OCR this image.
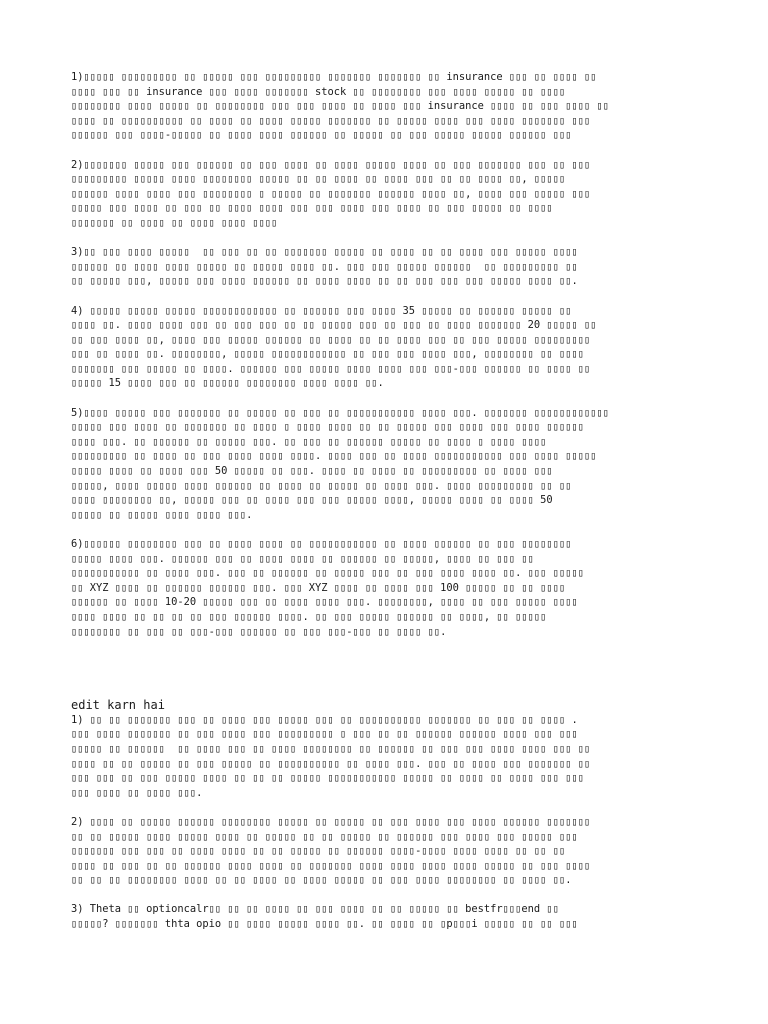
1)▯▯▯▯▯ ▯▯▯▯▯▯▯▯▯ ▯▯ ▯▯▯▯▯ ▯▯▯ ▯▯▯▯▯▯▯▯▯ ▯▯▯▯▯▯▯ ▯▯▯▯▯▯▯ ▯▯ insurance ▯▯▯ ▯▯ ▯▯▯▯ ▯▯
▯▯▯▯ ▯▯▯ ▯▯ insurance ▯▯▯ ▯▯▯▯ ▯▯▯▯▯▯▯ stock ▯▯ ▯▯▯▯▯▯▯▯ ▯▯▯ ▯▯▯▯ ▯▯▯▯▯ ▯▯ ▯▯▯▯
▯▯▯▯▯▯▯▯ ▯▯▯▯ ▯▯▯▯▯ ▯▯ ▯▯▯▯▯▯▯▯ ▯▯▯ ▯▯▯ ▯▯▯▯ ▯▯ ▯▯▯▯ ▯▯▯ insurance ▯▯▯▯ ▯▯ ▯▯▯ ▯▯▯▯ ▯▯
▯▯▯▯ ▯▯ ▯▯▯▯▯▯▯▯▯▯ ▯▯ ▯▯▯▯ ▯▯ ▯▯▯▯ ▯▯▯▯▯ ▯▯▯▯▯▯▯ ▯▯ ▯▯▯▯▯ ▯▯▯▯ ▯▯▯ ▯▯▯▯ ▯▯▯▯▯▯▯ ▯▯▯
▯▯▯▯▯▯ ▯▯▯ ▯▯▯▯-▯▯▯▯▯ ▯▯ ▯▯▯▯ ▯▯▯▯ ▯▯▯▯▯▯ ▯▯ ▯▯▯▯▯ ▯▯ ▯▯▯ ▯▯▯▯▯ ▯▯▯▯▯ ▯▯▯▯▯▯ ▯▯▯

2)▯▯▯▯▯▯▯ ▯▯▯▯▯ ▯▯▯ ▯▯▯▯▯▯ ▯▯ ▯▯▯ ▯▯▯▯ ▯▯ ▯▯▯▯ ▯▯▯▯▯ ▯▯▯▯ ▯▯ ▯▯▯ ▯▯▯▯▯▯▯ ▯▯▯ ▯▯ ▯▯▯
▯▯▯▯▯▯▯▯▯ ▯▯▯▯▯ ▯▯▯▯ ▯▯▯▯▯▯▯▯ ▯▯▯▯▯ ▯▯ ▯▯ ▯▯▯▯ ▯▯ ▯▯▯▯ ▯▯▯ ▯▯ ▯▯ ▯▯▯▯ ▯▯, ▯▯▯▯▯
▯▯▯▯▯▯ ▯▯▯▯ ▯▯▯▯ ▯▯▯ ▯▯▯▯▯▯▯▯ ▯ ▯▯▯▯▯ ▯▯ ▯▯▯▯▯▯▯ ▯▯▯▯▯▯ ▯▯▯▯ ▯▯, ▯▯▯▯ ▯▯▯ ▯▯▯▯▯ ▯▯▯
▯▯▯▯▯ ▯▯▯ ▯▯▯▯ ▯▯ ▯▯▯ ▯▯ ▯▯▯▯ ▯▯▯▯ ▯▯▯ ▯▯▯ ▯▯▯▯ ▯▯▯ ▯▯▯▯ ▯▯ ▯▯▯ ▯▯▯▯▯ ▯▯ ▯▯▯▯
▯▯▯▯▯▯▯ ▯▯ ▯▯▯▯ ▯▯ ▯▯▯▯ ▯▯▯▯ ▯▯▯▯

3)▯▯ ▯▯▯ ▯▯▯▯ ▯▯▯▯▯  ▯▯ ▯▯▯ ▯▯ ▯▯ ▯▯▯▯▯▯▯ ▯▯▯▯▯ ▯▯ ▯▯▯▯ ▯▯ ▯▯ ▯▯▯▯ ▯▯▯ ▯▯▯▯▯ ▯▯▯▯
▯▯▯▯▯▯ ▯▯ ▯▯▯▯ ▯▯▯▯ ▯▯▯▯▯ ▯▯ ▯▯▯▯▯ ▯▯▯▯ ▯▯. ▯▯▯ ▯▯▯ ▯▯▯▯▯ ▯▯▯▯▯▯  ▯▯ ▯▯▯▯▯▯▯▯▯ ▯▯
▯▯ ▯▯▯▯▯ ▯▯▯, ▯▯▯▯▯ ▯▯▯ ▯▯▯▯ ▯▯▯▯▯▯ ▯▯ ▯▯▯▯ ▯▯▯▯ ▯▯ ▯▯ ▯▯▯ ▯▯▯ ▯▯▯ ▯▯▯▯▯ ▯▯▯▯ ▯▯.

4) ▯▯▯▯▯ ▯▯▯▯▯ ▯▯▯▯▯ ▯▯▯▯▯▯▯▯▯▯▯▯ ▯▯ ▯▯▯▯▯▯ ▯▯▯ ▯▯▯▯ 35 ▯▯▯▯▯ ▯▯ ▯▯▯▯▯▯ ▯▯▯▯▯ ▯▯
▯▯▯▯ ▯▯. ▯▯▯▯ ▯▯▯▯ ▯▯▯ ▯▯ ▯▯▯ ▯▯▯ ▯▯ ▯▯ ▯▯▯▯▯ ▯▯▯ ▯▯ ▯▯▯ ▯▯ ▯▯▯▯ ▯▯▯▯▯▯▯ 20 ▯▯▯▯▯ ▯▯
▯▯ ▯▯▯ ▯▯▯▯ ▯▯, ▯▯▯▯ ▯▯▯ ▯▯▯▯▯ ▯▯▯▯▯▯ ▯▯ ▯▯▯▯ ▯▯ ▯▯ ▯▯▯▯ ▯▯▯ ▯▯ ▯▯▯ ▯▯▯▯▯ ▯▯▯▯▯▯▯▯▯
▯▯▯ ▯▯ ▯▯▯▯ ▯▯. ▯▯▯▯▯▯▯▯, ▯▯▯▯▯ ▯▯▯▯▯▯▯▯▯▯▯▯ ▯▯ ▯▯▯ ▯▯▯ ▯▯▯▯ ▯▯▯, ▯▯▯▯▯▯▯▯ ▯▯ ▯▯▯▯
▯▯▯▯▯▯▯ ▯▯▯ ▯▯▯▯▯ ▯▯ ▯▯▯▯. ▯▯▯▯▯▯ ▯▯▯ ▯▯▯▯▯ ▯▯▯▯ ▯▯▯▯ ▯▯▯ ▯▯▯-▯▯▯ ▯▯▯▯▯▯ ▯▯ ▯▯▯▯ ▯▯
▯▯▯▯▯ 15 ▯▯▯▯ ▯▯▯ ▯▯ ▯▯▯▯▯▯ ▯▯▯▯▯▯▯▯ ▯▯▯▯ ▯▯▯▯ ▯▯.

5)▯▯▯▯ ▯▯▯▯▯ ▯▯▯ ▯▯▯▯▯▯▯ ▯▯ ▯▯▯▯▯ ▯▯ ▯▯▯ ▯▯ ▯▯▯▯▯▯▯▯▯▯▯ ▯▯▯▯ ▯▯▯. ▯▯▯▯▯▯▯ ▯▯▯▯▯▯▯▯▯▯▯▯
▯▯▯▯▯ ▯▯▯ ▯▯▯▯ ▯▯ ▯▯▯▯▯▯▯ ▯▯ ▯▯▯▯ ▯ ▯▯▯▯ ▯▯▯▯ ▯▯ ▯▯ ▯▯▯▯▯ ▯▯▯ ▯▯▯▯ ▯▯▯ ▯▯▯▯ ▯▯▯▯▯▯
▯▯▯▯ ▯▯▯. ▯▯ ▯▯▯▯▯▯ ▯▯ ▯▯▯▯▯ ▯▯▯. ▯▯ ▯▯▯ ▯▯ ▯▯▯▯▯▯ ▯▯▯▯▯ ▯▯ ▯▯▯▯ ▯ ▯▯▯▯ ▯▯▯▯
▯▯▯▯▯▯▯▯▯ ▯▯ ▯▯▯▯ ▯▯ ▯▯▯ ▯▯▯▯ ▯▯▯▯ ▯▯▯▯. ▯▯▯▯ ▯▯▯ ▯▯ ▯▯▯▯ ▯▯▯▯▯▯▯▯▯▯▯ ▯▯▯ ▯▯▯▯ ▯▯▯▯▯
▯▯▯▯▯ ▯▯▯▯ ▯▯ ▯▯▯▯ ▯▯▯ 50 ▯▯▯▯▯ ▯▯ ▯▯▯. ▯▯▯▯ ▯▯ ▯▯▯▯ ▯▯ ▯▯▯▯▯▯▯▯▯ ▯▯ ▯▯▯▯ ▯▯▯
▯▯▯▯▯, ▯▯▯▯ ▯▯▯▯▯ ▯▯▯▯ ▯▯▯▯▯▯ ▯▯ ▯▯▯▯ ▯▯ ▯▯▯▯▯ ▯▯ ▯▯▯▯ ▯▯▯. ▯▯▯▯ ▯▯▯▯▯▯▯▯▯ ▯▯ ▯▯
▯▯▯▯ ▯▯▯▯▯▯▯▯ ▯▯, ▯▯▯▯▯ ▯▯▯ ▯▯ ▯▯▯▯ ▯▯▯ ▯▯▯ ▯▯▯▯▯ ▯▯▯▯, ▯▯▯▯▯ ▯▯▯▯ ▯▯ ▯▯▯▯ 50
▯▯▯▯▯ ▯▯ ▯▯▯▯▯ ▯▯▯▯ ▯▯▯▯ ▯▯▯.

6)▯▯▯▯▯▯ ▯▯▯▯▯▯▯▯ ▯▯▯ ▯▯ ▯▯▯▯ ▯▯▯▯ ▯▯ ▯▯▯▯▯▯▯▯▯▯▯ ▯▯ ▯▯▯▯ ▯▯▯▯▯▯ ▯▯ ▯▯▯ ▯▯▯▯▯▯▯▯
▯▯▯▯▯ ▯▯▯▯ ▯▯▯. ▯▯▯▯▯▯ ▯▯▯ ▯▯ ▯▯▯▯ ▯▯▯▯ ▯▯ ▯▯▯▯▯▯ ▯▯ ▯▯▯▯▯, ▯▯▯▯ ▯▯ ▯▯▯ ▯▯
▯▯▯▯▯▯▯▯▯▯▯ ▯▯ ▯▯▯▯ ▯▯▯. ▯▯▯ ▯▯ ▯▯▯▯▯▯ ▯▯ ▯▯▯▯▯ ▯▯▯ ▯▯ ▯▯▯ ▯▯▯▯ ▯▯▯▯ ▯▯. ▯▯▯ ▯▯▯▯▯
▯▯ XYZ ▯▯▯▯ ▯▯ ▯▯▯▯▯▯ ▯▯▯▯▯▯ ▯▯▯. ▯▯▯ XYZ ▯▯▯▯ ▯▯ ▯▯▯▯ ▯▯▯ 100 ▯▯▯▯▯ ▯▯ ▯▯ ▯▯▯▯
▯▯▯▯▯▯ ▯▯ ▯▯▯▯ 10-20 ▯▯▯▯▯ ▯▯▯ ▯▯ ▯▯▯▯ ▯▯▯▯ ▯▯▯. ▯▯▯▯▯▯▯▯, ▯▯▯▯ ▯▯ ▯▯▯ ▯▯▯▯▯ ▯▯▯▯
▯▯▯▯ ▯▯▯▯ ▯▯ ▯▯ ▯▯ ▯▯ ▯▯▯ ▯▯▯▯▯▯ ▯▯▯▯. ▯▯ ▯▯▯ ▯▯▯▯▯ ▯▯▯▯▯▯ ▯▯ ▯▯▯▯, ▯▯ ▯▯▯▯▯
▯▯▯▯▯▯▯▯ ▯▯ ▯▯▯ ▯▯ ▯▯▯-▯▯▯ ▯▯▯▯▯▯ ▯▯ ▯▯▯ ▯▯▯-▯▯▯ ▯▯ ▯▯▯▯ ▯▯.

edit karn hai

1) ▯▯ ▯▯ ▯▯▯▯▯▯▯ ▯▯▯ ▯▯ ▯▯▯▯ ▯▯▯ ▯▯▯▯▯ ▯▯▯ ▯▯ ▯▯▯▯▯▯▯▯▯▯ ▯▯▯▯▯▯▯ ▯▯ ▯▯▯ ▯▯ ▯▯▯▯ .
▯▯▯ ▯▯▯▯ ▯▯▯▯▯▯▯ ▯▯ ▯▯▯ ▯▯▯▯ ▯▯▯ ▯▯▯▯▯▯▯▯▯ ▯ ▯▯▯ ▯▯ ▯▯ ▯▯▯▯▯▯ ▯▯▯▯▯▯ ▯▯▯▯ ▯▯▯ ▯▯▯
▯▯▯▯▯ ▯▯ ▯▯▯▯▯▯  ▯▯ ▯▯▯▯ ▯▯▯ ▯▯ ▯▯▯▯ ▯▯▯▯▯▯▯▯ ▯▯ ▯▯▯▯▯▯ ▯▯ ▯▯▯ ▯▯▯ ▯▯▯▯ ▯▯▯▯ ▯▯▯ ▯▯
▯▯▯▯ ▯▯ ▯▯ ▯▯▯▯▯ ▯▯ ▯▯▯ ▯▯▯▯▯ ▯▯ ▯▯▯▯▯▯▯▯▯▯ ▯▯ ▯▯▯▯ ▯▯▯. ▯▯▯ ▯▯ ▯▯▯▯ ▯▯▯ ▯▯▯▯▯▯▯ ▯▯
▯▯▯ ▯▯▯ ▯▯ ▯▯▯ ▯▯▯▯▯ ▯▯▯▯ ▯▯ ▯▯ ▯▯ ▯▯▯▯▯ ▯▯▯▯▯▯▯▯▯▯▯ ▯▯▯▯▯ ▯▯ ▯▯▯▯ ▯▯ ▯▯▯▯ ▯▯▯ ▯▯▯
▯▯▯ ▯▯▯▯ ▯▯ ▯▯▯▯ ▯▯▯.

2) ▯▯▯▯ ▯▯ ▯▯▯▯▯ ▯▯▯▯▯▯ ▯▯▯▯▯▯▯▯ ▯▯▯▯▯ ▯▯ ▯▯▯▯▯ ▯▯ ▯▯▯ ▯▯▯▯ ▯▯▯ ▯▯▯▯ ▯▯▯▯▯▯ ▯▯▯▯▯▯▯
▯▯ ▯▯ ▯▯▯▯▯ ▯▯▯▯ ▯▯▯▯▯ ▯▯▯▯ ▯▯ ▯▯▯▯▯ ▯▯ ▯▯ ▯▯▯▯▯ ▯▯ ▯▯▯▯▯▯ ▯▯▯ ▯▯▯▯ ▯▯▯ ▯▯▯▯▯ ▯▯▯
▯▯▯▯▯▯▯ ▯▯▯ ▯▯▯ ▯▯ ▯▯▯▯ ▯▯▯▯ ▯▯ ▯▯ ▯▯▯▯▯ ▯▯ ▯▯▯▯▯▯ ▯▯▯▯-▯▯▯▯ ▯▯▯▯ ▯▯▯▯ ▯▯ ▯▯ ▯▯
▯▯▯▯ ▯▯ ▯▯▯ ▯▯ ▯▯ ▯▯▯▯▯▯ ▯▯▯▯ ▯▯▯▯ ▯▯ ▯▯▯▯▯▯▯ ▯▯▯▯ ▯▯▯▯ ▯▯▯▯ ▯▯▯▯ ▯▯▯▯▯ ▯▯ ▯▯▯ ▯▯▯▯
▯▯ ▯▯ ▯▯ ▯▯▯▯▯▯▯▯ ▯▯▯▯ ▯▯ ▯▯ ▯▯▯▯ ▯▯ ▯▯▯▯ ▯▯▯▯▯ ▯▯ ▯▯▯ ▯▯▯▯ ▯▯▯▯▯▯▯▯ ▯▯ ▯▯▯▯ ▯▯.

3) Theta ▯▯ optioncalr▯▯ ▯▯ ▯▯ ▯▯▯▯ ▯▯ ▯▯▯ ▯▯▯▯ ▯▯ ▯▯ ▯▯▯▯▯ ▯▯ bestfr▯▯▯end ▯▯
▯▯▯▯▯? ▯▯▯▯▯▯▯ thta opio ▯▯ ▯▯▯▯ ▯▯▯▯▯ ▯▯▯▯ ▯▯. ▯▯ ▯▯▯▯ ▯▯ ▯p▯▯▯i ▯▯▯▯▯ ▯▯ ▯▯ ▯▯▯
